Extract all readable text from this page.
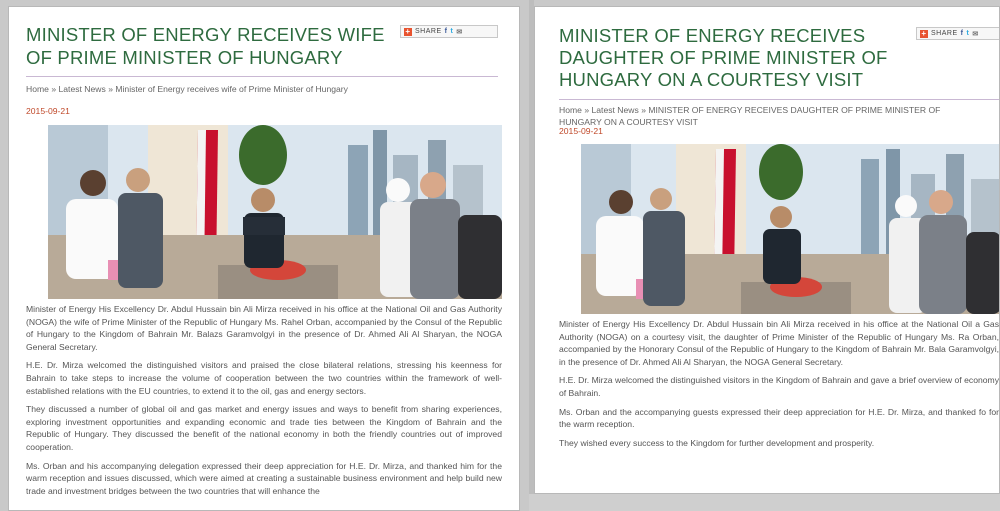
MINISTER OF ENERGY RECEIVES WIFE OF PRIME MINISTER OF HUNGARY
+ SHARE f t ✉
Home » Latest News » Minister of Energy receives wife of Prime Minister of Hungary
2015-09-21

Minister of Energy His Excellency Dr. Abdul Hussain bin Ali Mirza received in his office at the National Oil and Gas Authority (NOGA) the wife of Prime Minister of the Republic of Hungary Ms. Rahel Orban, accompanied by the Consul of the Republic of Hungary to the Kingdom of Bahrain Mr. Balazs Garamvolgyi in the presence of Dr. Ahmed Ali Al Sharyan, the NOGA General Secretary.

H.E. Dr. Mirza welcomed the distinguished visitors and praised the close bilateral relations, stressing his keenness for Bahrain to take steps to increase the volume of cooperation between the two countries within the framework of well-established relations with the EU countries, to extend it to the oil, gas and energy sectors.

They discussed a number of global oil and gas market and energy issues and ways to benefit from sharing experiences, exploring investment opportunities and expanding economic and trade ties between the Kingdom of Bahrain and the Republic of Hungary. They discussed the benefit of the national economy in both the friendly countries out of improved cooperation.

Ms. Orban and his accompanying delegation expressed their deep appreciation for H.E. Dr. Mirza, and thanked him for the warm reception and issues discussed, which were aimed at creating a sustainable business environment and help build new trade and investment bridges between the two countries that will enhance the

MINISTER OF ENERGY RECEIVES DAUGHTER OF PRIME MINISTER OF HUNGARY ON A COURTESY VISIT
+ SHARE f t ✉
Home » Latest News » MINISTER OF ENERGY RECEIVES DAUGHTER OF PRIME MINISTER OF HUNGARY ON A COURTESY VISIT
2015-09-21

Minister of Energy His Excellency Dr. Abdul Hussain bin Ali Mirza received in his office at the National Oil a Gas Authority (NOGA) on a courtesy visit, the daughter of Prime Minister of the Republic of Hungary Ms. Ra Orban, accompanied by the Honorary Consul of the Republic of Hungary to the Kingdom of Bahrain Mr. Bala Garamvolgyi, in the presence of Dr. Ahmed Ali Al Sharyan, the NOGA General Secretary.

H.E. Dr. Mirza welcomed the distinguished visitors in the Kingdom of Bahrain and gave a brief overview of economy of Bahrain.

Ms. Orban and the accompanying guests expressed their deep appreciation for H.E. Dr. Mirza, and thanked fo for the warm reception.

They wished every success to the Kingdom for further development and prosperity.
